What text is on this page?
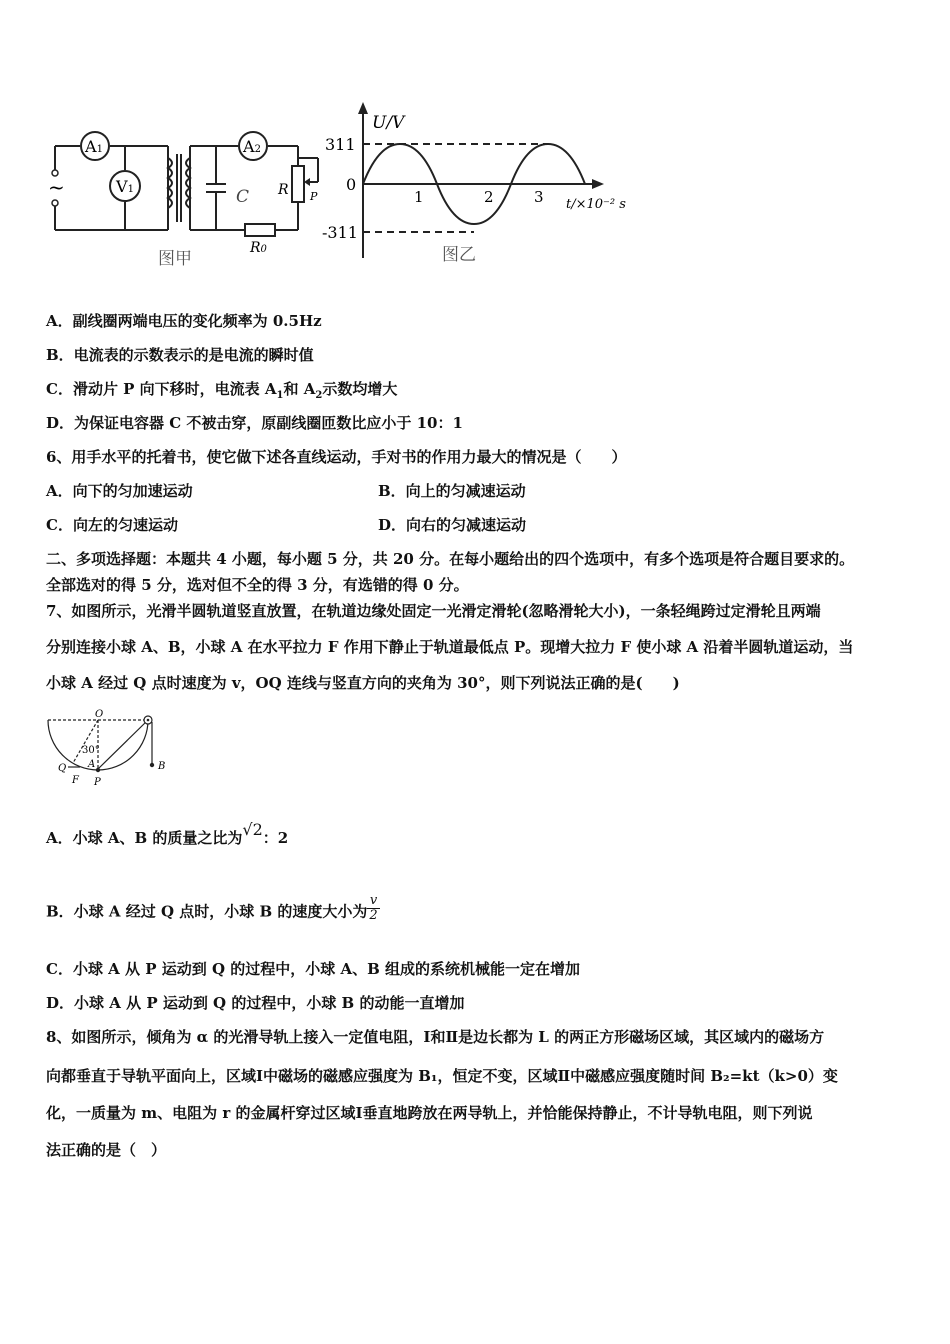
~
A1
V1
A2
C R P
R0
图甲
U/V
311
0
-311
1	2	3 t/×10⁻² s
图乙
A．副线圈两端电压的变化频率为 0.5Hz
B．电流表的示数表示的是电流的瞬时值
C．滑动片 P 向下移时，电流表 $A_1$和 $A_2$示数均增大
D．为保证电容器 C 不被击穿，原副线圈匝数比应小于 10：1
6、用手水平的托着书，使它做下述各直线运动，手对书的作用力最大的情况是（　　）
A．向下的匀加速运动	B．向上的匀减速运动
C．向左的匀速运动	D．向右的匀减速运动
二、多项选择题：本题共 4 小题，每小题 5 分，共 20 分。在每小题给出的四个选项中，有多个选项是符合题目要求的。
全部选对的得 5 分，选对但不全的得 3 分，有选错的得 0 分。
7、如图所示，光滑半圆轨道竖直放置，在轨道边缘处固定一光滑定滑轮(忽略滑轮大小)，一条轻绳跨过定滑轮且两端
分别连接小球 A、B，小球 A 在水平拉力 F 作用下静止于轨道最低点 P。现增大拉力 F 使小球 A 沿着半圆轨道运动，当
小球 A 经过 Q 点时速度为 v，OQ 连线与竖直方向的夹角为 30°，则下列说法正确的是(　　)
O
30°
Q A
F P
B
A．小球 A、B 的质量之比为√2：2
B．小球 A 经过 Q 点时，小球 B 的速度大小为 $\frac{v}{2}$
C．小球 A 从 P 运动到 Q 的过程中，小球 A、B 组成的系统机械能一定在增加
D．小球 A 从 P 运动到 Q 的过程中，小球 B 的动能一直增加
8、如图所示，倾角为 α 的光滑导轨上接入一定值电阻，Ⅰ和Ⅱ是边长都为 L 的两正方形磁场区域，其区域内的磁场方
向都垂直于导轨平面向上，区域Ⅰ中磁场的磁感应强度为 B₁，恒定不变，区域Ⅱ中磁感应强度随时间 B₂=kt（k>0）变
化，一质量为 m、电阻为 r 的金属杆穿过区域Ⅰ垂直地跨放在两导轨上，并恰能保持静止，不计导轨电阻，则下列说
法正确的是（　）
